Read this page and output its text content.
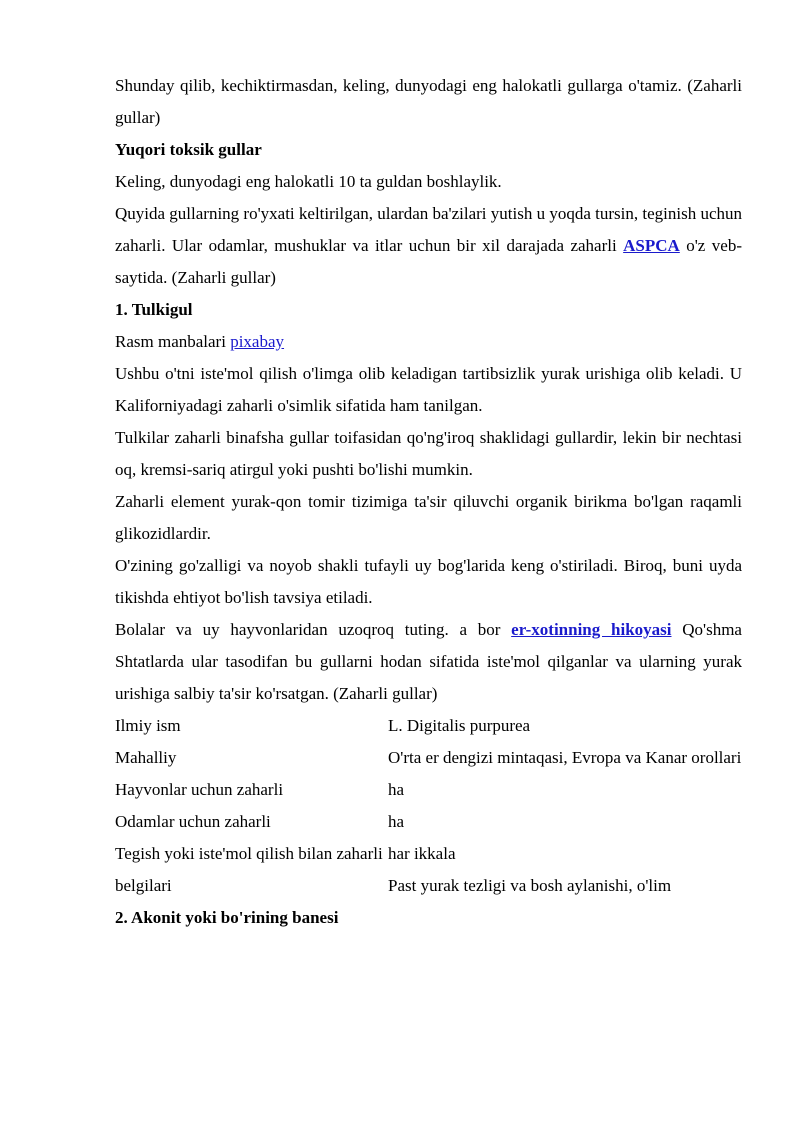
Shunday qilib, kechiktirmasdan, keling, dunyodagi eng halokatli gullarga o'tamiz. (Zaharli gullar)

Yuqori toksik gullar

Keling, dunyodagi eng halokatli 10 ta guldan boshlaylik.

Quyida gullarning ro'yxati keltirilgan, ulardan ba'zilari yutish u yoqda tursin, teginish uchun zaharli. Ular odamlar, mushuklar va itlar uchun bir xil darajada zaharli ASPCA o'z veb-saytida. (Zaharli gullar)

1. Tulkigul

Rasm manbalari pixabay

Ushbu o'tni iste'mol qilish o'limga olib keladigan tartibsizlik yurak urishiga olib keladi. U Kaliforniyadagi zaharli o'simlik sifatida ham tanilgan.

Tulkilar zaharli binafsha gullar toifasidan qo'ng'iroq shaklidagi gullardir, lekin bir nechtasi oq, kremsi-sariq atirgul yoki pushti bo'lishi mumkin.

Zaharli element yurak-qon tomir tizimiga ta'sir qiluvchi organik birikma bo'lgan raqamli glikozidlardir.

O'zining go'zalligi va noyob shakli tufayli uy bog'larida keng o'stiriladi. Biroq, buni uyda tikishda ehtiyot bo'lish tavsiya etiladi.

Bolalar va uy hayvonlaridan uzoqroq tuting. a bor er-xotinning hikoyasi Qo'shma Shtatlarda ular tasodifan bu gullarni hodan sifatida iste'mol qilganlar va ularning yurak urishiga salbiy ta'sir ko'rsatgan. (Zaharli gullar)

Ilmiy ism	L. Digitalis purpurea
Mahalliy	O'rta er dengizi mintaqasi, Evropa va Kanar orollari
Hayvonlar uchun zaharli	ha
Odamlar uchun zaharli	ha
Tegish yoki iste'mol qilish bilan zaharli	har ikkala
belgilari	Past yurak tezligi va bosh aylanishi, o'lim

2. Akonit yoki bo'rining banesi
